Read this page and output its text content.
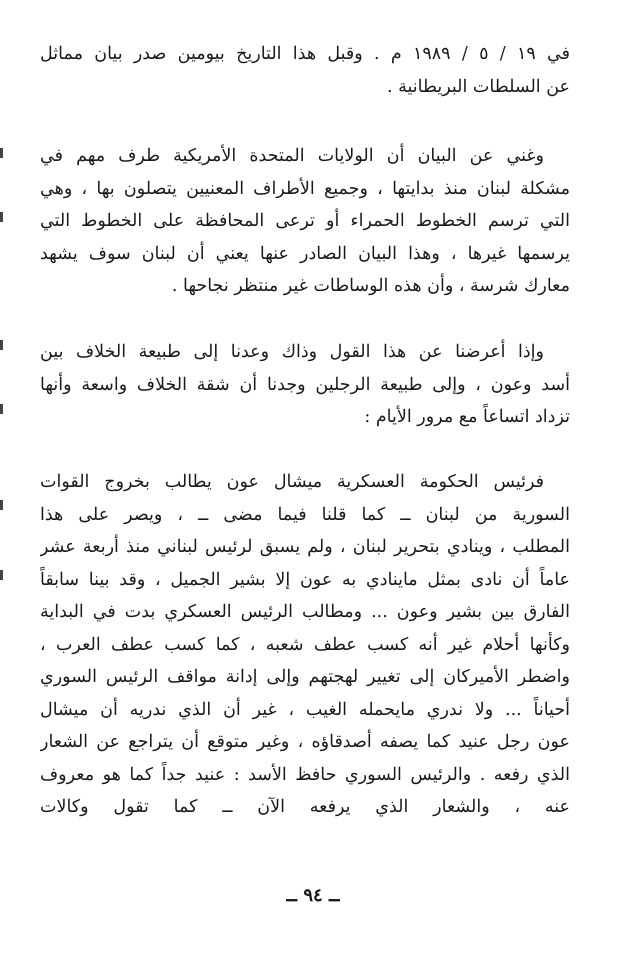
في ١٩ / ٥ / ١٩٨٩ م . وقبل هذا التاريخ بيومين صدر بيان مماثل
عن السلطات البريطانية .
وغني عن البيان أن الولايات المتحدة الأمريكية طرف مهم في
مشكلة لبنان منذ بدايتها ، وجميع الأطراف المعنيين يتصلون بها ، وهي
التي ترسم الخطوط الحمراء أو ترعى المحافظة على الخطوط التي
يرسمها غيرها ، وهذا البيان الصادر عنها يعني أن لبنان سوف يشهد
معارك شرسة ، وأن هذه الوساطات غير منتظر نجاحها .
وإذا أعرضنا عن هذا القول وذاك وعدنا إلى طبيعة الخلاف بين
أسد وعون ، وإلى طبيعة الرجلين وجدنا أن شقة الخلاف واسعة وأنها
تزداد اتساعاً مع مرور الأيام :
فرئيس الحكومة العسكرية ميشال عون يطالب بخروج القوات
السورية من لبنان ــ كما قلنا فيما مضى ــ ، ويصر على هذا
المطلب ، وينادي بتحرير لبنان ، ولم يسبق لرئيس لبناني منذ أربعة عشر
عاماً أن نادى بمثل ماينادي به عون إلا بشير الجميل ، وقد بينا سابقاً
الفارق بين بشير وعون ... ومطالب الرئيس العسكري بدت في البداية
وكأنها أحلام غير أنه كسب عطف شعبه ، كما كسب عطف العرب ،
واضطر الأميركان إلى تغيير لهجتهم وإلى إدانة مواقف الرئيس السوري
أحياناً ... ولا ندري مايحمله الغيب ، غير أن الذي ندريه أن ميشال
عون رجل عنيد كما يصفه أصدقاؤه ، وغير متوقع أن يتراجع عن الشعار
الذي رفعه . والرئيس السوري حافظ الأسد : عنيد جداً كما هو معروف
عنه ، والشعار الذي يرفعه الآن ــ كما تقول وكالات
ــ ٩٤ ــ
